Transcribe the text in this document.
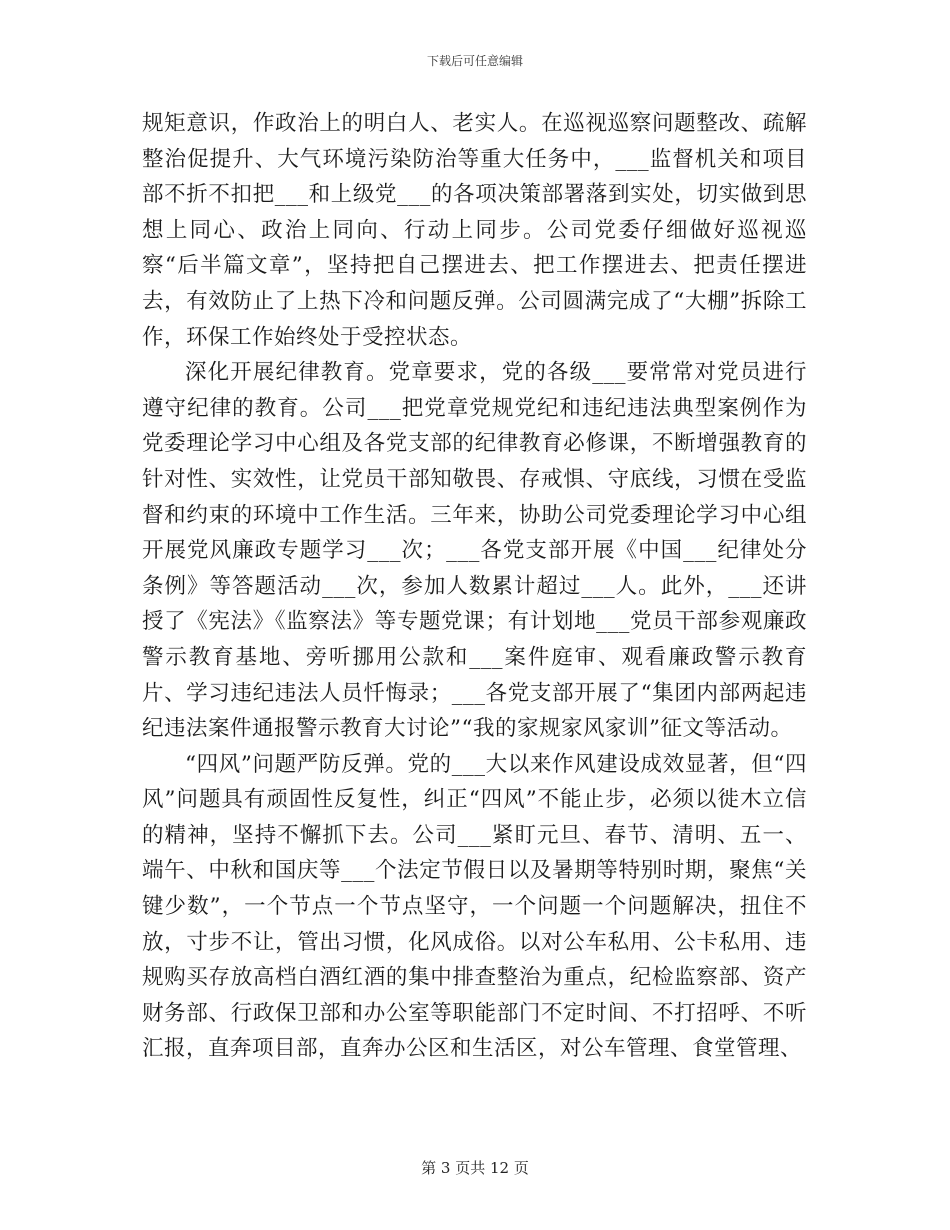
下载后可任意编辑

规矩意识，作政治上的明白人、老实人。在巡视巡察问题整改、疏解整治促提升、大气环境污染防治等重大任务中，___监督机关和项目部不折不扣把___和上级党___的各项决策部署落到实处，切实做到思想上同心、政治上同向、行动上同步。公司党委仔细做好巡视巡察“后半篇文章”，坚持把自己摆进去、把工作摆进去、把责任摆进去，有效防止了上热下冷和问题反弹。公司圆满完成了“大棚”拆除工作，环保工作始终处于受控状态。

深化开展纪律教育。党章要求，党的各级___要常常对党员进行遵守纪律的教育。公司___把党章党规党纪和违纪违法典型案例作为党委理论学习中心组及各党支部的纪律教育必修课，不断增强教育的针对性、实效性，让党员干部知敬畏、存戒惧、守底线，习惯在受监督和约束的环境中工作生活。三年来，协助公司党委理论学习中心组开展党风廉政专题学习___次；___各党支部开展《中国___纪律处分条例》等答题活动___次，参加人数累计超过___人。此外，___还讲授了《宪法》《监察法》等专题党课；有计划地___党员干部参观廉政警示教育基地、旁听挪用公款和___案件庭审、观看廉政警示教育片、学习违纪违法人员忏悔录；___各党支部开展了“集团内部两起违纪违法案件通报警示教育大讨论”“我的家规家风家训”征文等活动。

“四风”问题严防反弹。党的___大以来作风建设成效显著，但“四风”问题具有顽固性反复性，纠正“四风”不能止步，必须以徙木立信的精神，坚持不懈抓下去。公司___紧盯元旦、春节、清明、五一、端午、中秋和国庆等___个法定节假日以及暑期等特别时期，聚焦“关键少数”，一个节点一个节点坚守，一个问题一个问题解决，扭住不放，寸步不让，管出习惯，化风成俗。以对公车私用、公卡私用、违规购买存放高档白酒红酒的集中排查整治为重点，纪检监察部、资产财务部、行政保卫部和办公室等职能部门不定时间、不打招呼、不听汇报，直奔项目部，直奔办公区和生活区，对公车管理、食堂管理、

第 3 页共 12 页
